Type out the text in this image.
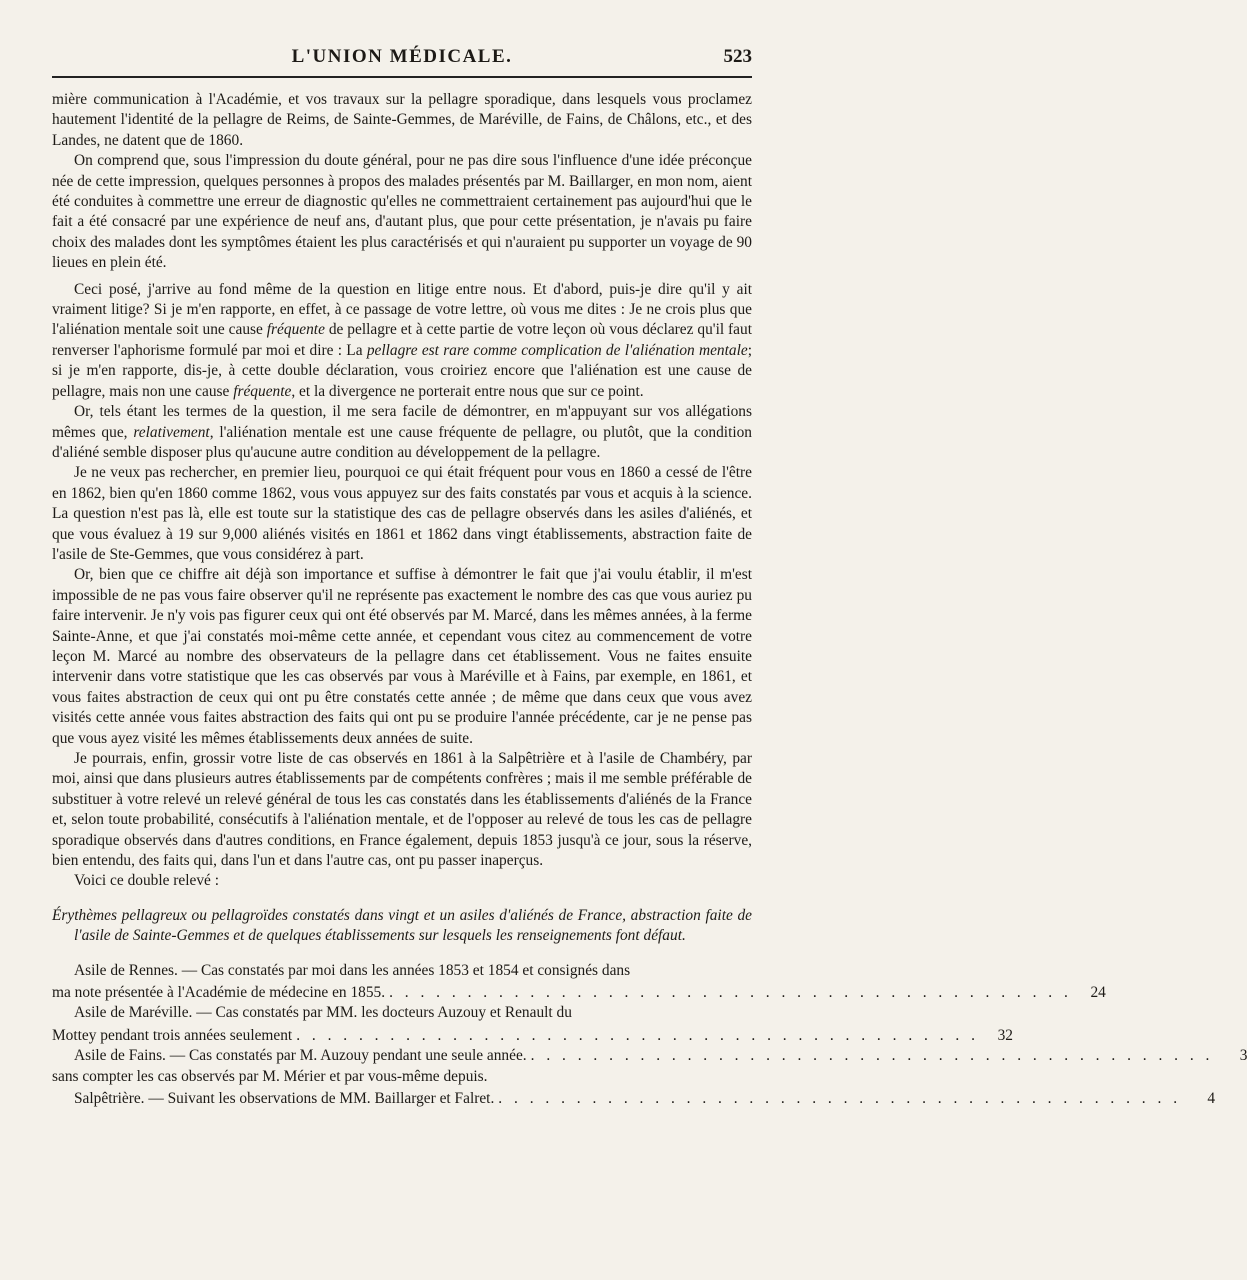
L'UNION MÉDICALE.	523

mière communication à l'Académie, et vos travaux sur la pellagre sporadique, dans lesquels vous proclamez hautement l'identité de la pellagre de Reims, de Sainte-Gemmes, de Maréville, de Fains, de Châlons, etc., et des Landes, ne datent que de 1860.

On comprend que, sous l'impression du doute général, pour ne pas dire sous l'influence d'une idée préconçue née de cette impression, quelques personnes à propos des malades présentés par M. Baillarger, en mon nom, aient été conduites à commettre une erreur de diagnostic qu'elles ne commettraient certainement pas aujourd'hui que le fait a été consacré par une expérience de neuf ans, d'autant plus, que pour cette présentation, je n'avais pu faire choix des malades dont les symptômes étaient les plus caractérisés et qui n'auraient pu supporter un voyage de 90 lieues en plein été.

Ceci posé, j'arrive au fond même de la question en litige entre nous. Et d'abord, puis-je dire qu'il y ait vraiment litige? Si je m'en rapporte, en effet, à ce passage de votre lettre, où vous me dites : Je ne crois plus que l'aliénation mentale soit une cause fréquente de pellagre et à cette partie de votre leçon où vous déclarez qu'il faut renverser l'aphorisme formulé par moi et dire : La pellagre est rare comme complication de l'aliénation mentale; si je m'en rapporte, dis-je, à cette double déclaration, vous croiriez encore que l'aliénation est une cause de pellagre, mais non une cause fréquente, et la divergence ne porterait entre nous que sur ce point.

Or, tels étant les termes de la question, il me sera facile de démontrer, en m'appuyant sur vos allégations mêmes que, relativement, l'aliénation mentale est une cause fréquente de pellagre, ou plutôt, que la condition d'aliéné semble disposer plus qu'aucune autre condition au développement de la pellagre.

Je ne veux pas rechercher, en premier lieu, pourquoi ce qui était fréquent pour vous en 1860 a cessé de l'être en 1862, bien qu'en 1860 comme 1862, vous vous appuyez sur des faits constatés par vous et acquis à la science. La question n'est pas là, elle est toute sur la statistique des cas de pellagre observés dans les asiles d'aliénés, et que vous évaluez à 19 sur 9,000 aliénés visités en 1861 et 1862 dans vingt établissements, abstraction faite de l'asile de Ste-Gemmes, que vous considérez à part.

Or, bien que ce chiffre ait déjà son importance et suffise à démontrer le fait que j'ai voulu établir, il m'est impossible de ne pas vous faire observer qu'il ne représente pas exactement le nombre des cas que vous auriez pu faire intervenir. Je n'y vois pas figurer ceux qui ont été observés par M. Marcé, dans les mêmes années, à la ferme Sainte-Anne, et que j'ai constatés moi-même cette année, et cependant vous citez au commencement de votre leçon M. Marcé au nombre des observateurs de la pellagre dans cet établissement. Vous ne faites ensuite intervenir dans votre statistique que les cas observés par vous à Maréville et à Fains, par exemple, en 1861, et vous faites abstraction de ceux qui ont pu être constatés cette année ; de même que dans ceux que vous avez visités cette année vous faites abstraction des faits qui ont pu se produire l'année précédente, car je ne pense pas que vous ayez visité les mêmes établissements deux années de suite.

Je pourrais, enfin, grossir votre liste de cas observés en 1861 à la Salpêtrière et à l'asile de Chambéry, par moi, ainsi que dans plusieurs autres établissements par de compétents confrères ; mais il me semble préférable de substituer à votre relevé un relevé général de tous les cas constatés dans les établissements d'aliénés de la France et, selon toute probabilité, consécutifs à l'aliénation mentale, et de l'opposer au relevé de tous les cas de pellagre sporadique observés dans d'autres conditions, en France également, depuis 1853 jusqu'à ce jour, sous la réserve, bien entendu, des faits qui, dans l'un et dans l'autre cas, ont pu passer inaperçus.

Voici ce double relevé :

Érythèmes pellagreux ou pellagroïdes constatés dans vingt et un asiles d'aliénés de France, abstraction faite de l'asile de Sainte-Gemmes et de quelques établissements sur lesquels les renseignements font défaut.
Asile de Rennes. — Cas constatés par moi dans les années 1853 et 1854 et consignés dans
ma note présentée à l'Académie de médecine en 1855. . . . . . . . . . . . . . . . . . . . . . . . . . . . . . . . . . . . . . . . . . . . .	24
Asile de Maréville. — Cas constatés par MM. les docteurs Auzouy et Renault du
Mottey pendant trois années seulement . . . . . . . . . . . . . . . . . . . . . . . . . . . . . . . . . . . . . . . . . . . .	32
Asile de Fains. — Cas constatés par M. Auzouy pendant une seule année. . . . . . . . . . . . . . . . . . . . . . . . . . . . . . . . . . . . . . . . . . . . .	3
sans compter les cas observés par M. Mérier et par vous-même depuis.
Salpêtrière. — Suivant les observations de MM. Baillarger et Falret. . . . . . . . . . . . . . . . . . . . . . . . . . . . . . . . . . . . . . . . . . . . .	4
